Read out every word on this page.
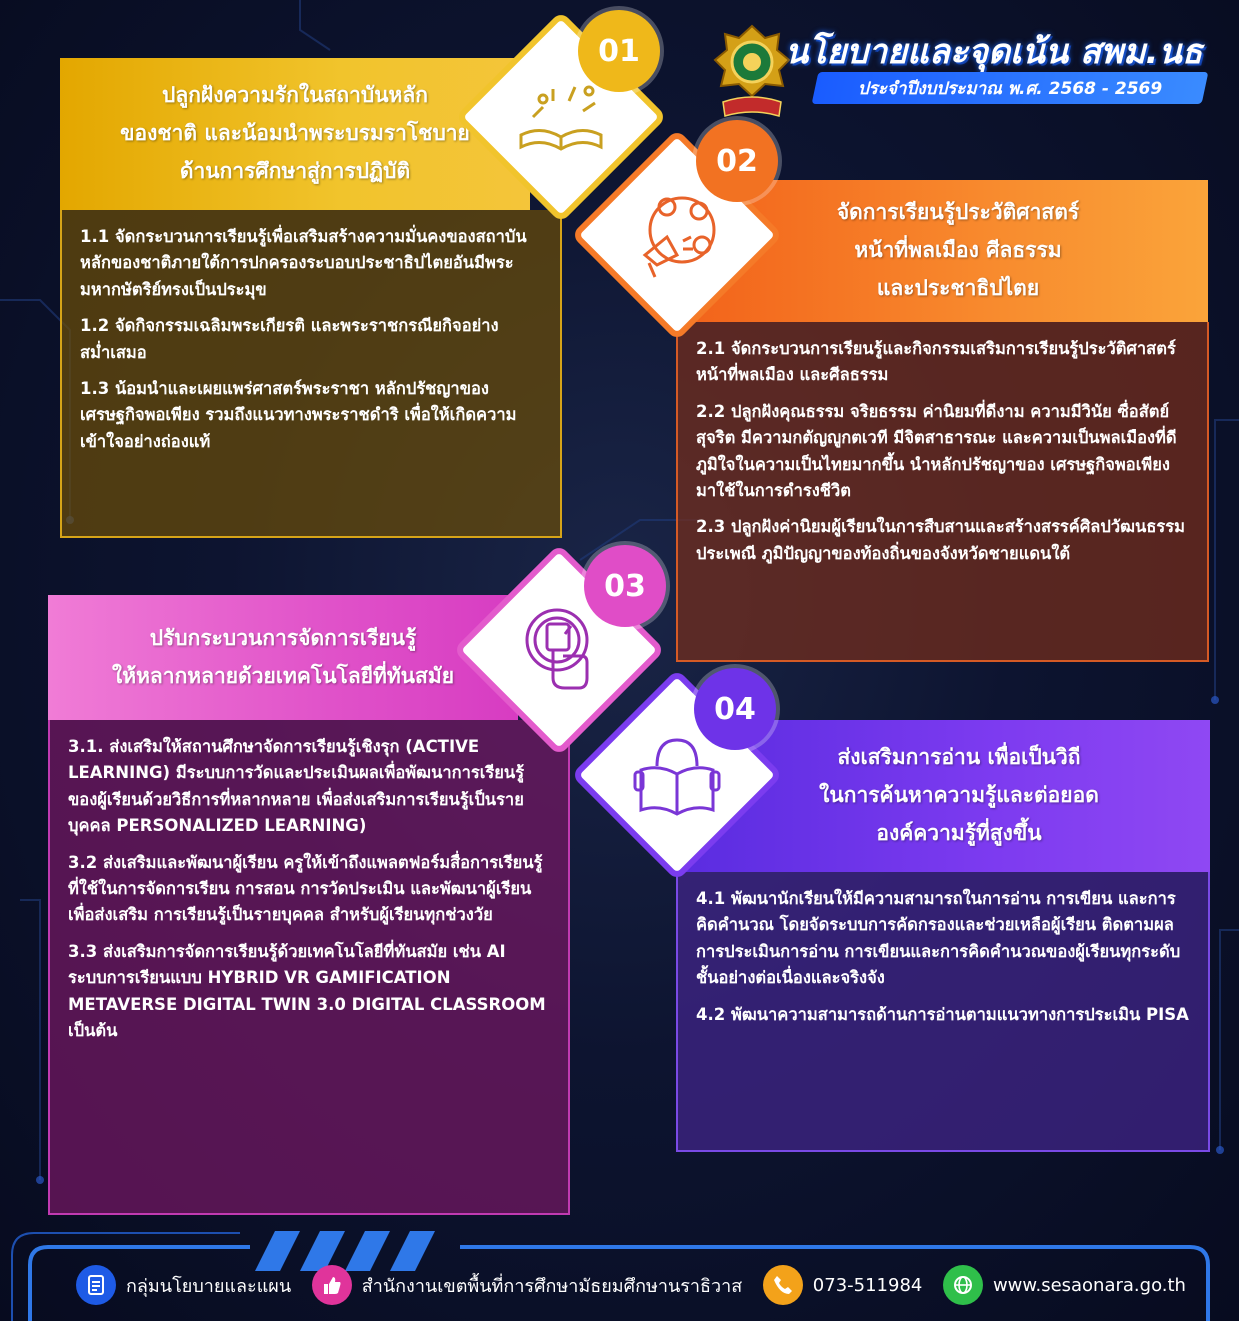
นโยบายและจุดเน้น สพม.นธ
ประจำปีงบประมาณ พ.ศ. 2568 - 2569
ปลูกฝังความรักในสถาบันหลัก
ของชาติ และน้อมนำพระบรมราโชบาย
ด้านการศึกษาสู่การปฏิบัติ

1.1 จัดกระบวนการเรียนรู้เพื่อเสริมสร้างความมั่นคงของสถาบันหลักของชาติภายใต้การปกครองระบอบประชาธิปไตยอันมีพระมหากษัตริย์ทรงเป็นประมุข

1.2 จัดกิจกรรมเฉลิมพระเกียรติ และพระราชกรณียกิจอย่างสม่ำเสมอ

1.3 น้อมนำและเผยแพร่ศาสตร์พระราชา หลักปรัชญาของเศรษฐกิจพอเพียง รวมถึงแนวทางพระราชดำริ เพื่อให้เกิดความเข้าใจอย่างถ่องแท้

จัดการเรียนรู้ประวัติศาสตร์
หน้าที่พลเมือง ศีลธรรม
และประชาธิปไตย

2.1 จัดกระบวนการเรียนรู้และกิจกรรมเสริมการเรียนรู้ประวัติศาสตร์ หน้าที่พลเมือง และศีลธรรม

2.2 ปลูกฝังคุณธรรม จริยธรรม ค่านิยมที่ดีงาม ความมีวินัย ซื่อสัตย์สุจริต มีความกตัญญูกตเวที มีจิตสาธารณะ และความเป็นพลเมืองที่ดี ภูมิใจในความเป็นไทยมากขึ้น นำหลักปรัชญาของ เศรษฐกิจพอเพียงมาใช้ในการดำรงชีวิต

2.3 ปลูกฝังค่านิยมผู้เรียนในการสืบสานและสร้างสรรค์ศิลปวัฒนธรรม ประเพณี ภูมิปัญญาของท้องถิ่นของจังหวัดชายแดนใต้

ปรับกระบวนการจัดการเรียนรู้
ให้หลากหลายด้วยเทคโนโลยีที่ทันสมัย

3.1. ส่งเสริมให้สถานศึกษาจัดการเรียนรู้เชิงรุก (ACTIVE LEARNING) มีระบบการวัดและประเมินผลเพื่อพัฒนาการเรียนรู้ของผู้เรียนด้วยวิธีการที่หลากหลาย เพื่อส่งเสริมการเรียนรู้เป็นรายบุคคล PERSONALIZED LEARNING)

3.2 ส่งเสริมและพัฒนาผู้เรียน ครูให้เข้าถึงแพลตฟอร์มสื่อการเรียนรู้ที่ใช้ในการจัดการเรียน การสอน การวัดประเมิน และพัฒนาผู้เรียน เพื่อส่งเสริม การเรียนรู้เป็นรายบุคคล สำหรับผู้เรียนทุกช่วงวัย

3.3 ส่งเสริมการจัดการเรียนรู้ด้วยเทคโนโลยีที่ทันสมัย เช่น AI ระบบการเรียนแบบ HYBRID VR GAMIFICATION METAVERSE DIGITAL TWIN 3.0 DIGITAL CLASSROOM เป็นต้น

ส่งเสริมการอ่าน เพื่อเป็นวิถี
ในการค้นหาความรู้และต่อยอด
องค์ความรู้ที่สูงขึ้น

4.1 พัฒนานักเรียนให้มีความสามารถในการอ่าน การเขียน และการคิดคำนวณ โดยจัดระบบการคัดกรองและช่วยเหลือผู้เรียน ติดตามผลการประเมินการอ่าน การเขียนและการคิดคำนวณของผู้เรียนทุกระดับชั้นอย่างต่อเนื่องและจริงจัง

4.2 พัฒนาความสามารถด้านการอ่านตามแนวทางการประเมิน PISA

01
02
03
04
กลุ่มนโยบายและแผน	สำนักงานเขตพื้นที่การศึกษามัธยมศึกษานราธิวาส	073-511984	www.sesaonara.go.th
